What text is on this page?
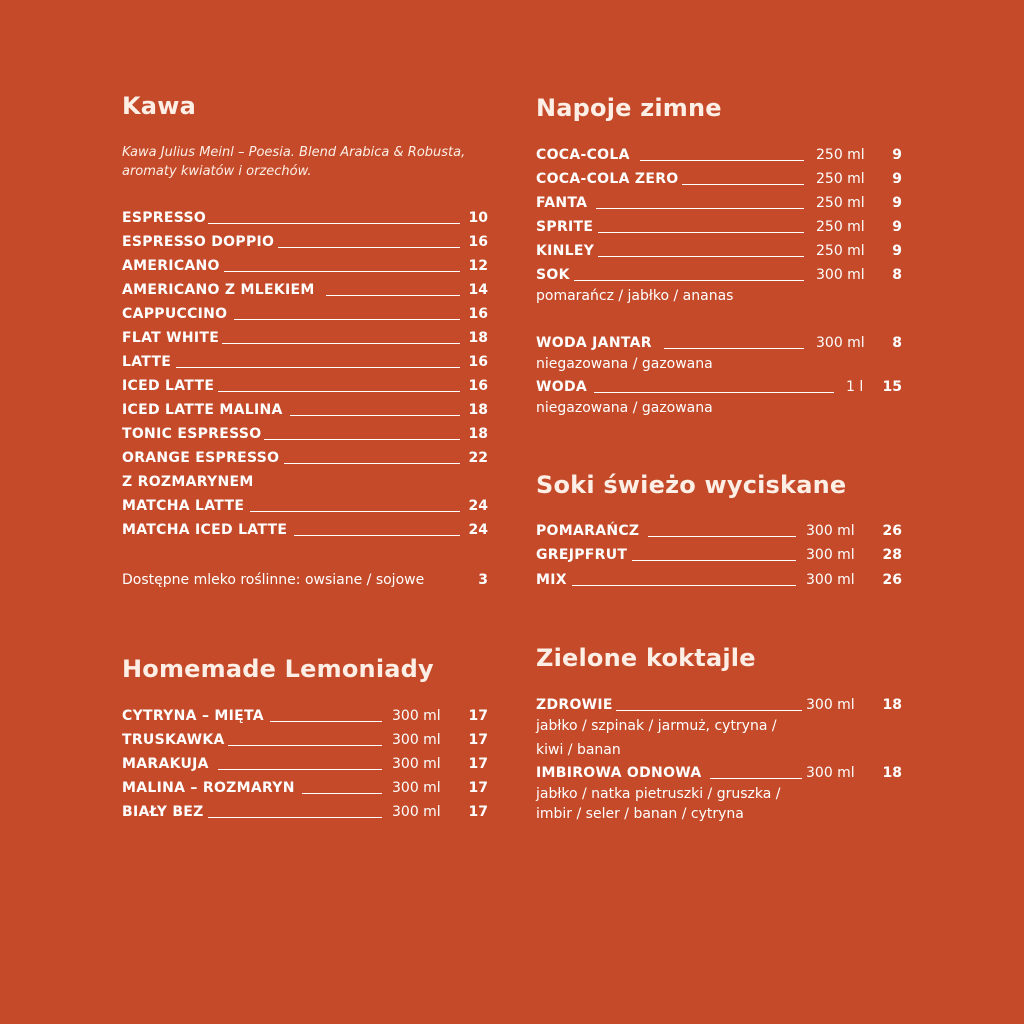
Kawa
Kawa Julius Meinl – Poesia. Blend Arabica & Robusta,
aromaty kwiatów i orzechów.
ESPRESSO	10
ESPRESSO DOPPIO	16
AMERICANO	12
AMERICANO Z MLEKIEM	14
CAPPUCCINO	16
FLAT WHITE	18
LATTE	16
ICED LATTE	16
ICED LATTE MALINA	18
TONIC ESPRESSO	18
ORANGE ESPRESSO	22
Z ROZMARYNEM
MATCHA LATTE	24
MATCHA ICED LATTE	24
Dostępne mleko roślinne: owsiane / sojowe	3
Homemade Lemoniady
CYTRYNA – MIĘTA	300 ml 17
TRUSKAWKA	300 ml 17
MARAKUJA	300 ml 17
MALINA – ROZMARYN	300 ml 17
BIAŁY BEZ	300 ml 17
Napoje zimne
COCA-COLA	250 ml 9
COCA-COLA ZERO	250 ml 9
FANTA	250 ml 9
SPRITE	250 ml 9
KINLEY	250 ml 9
SOK	300 ml 8
pomarańcz / jabłko / ananas
WODA JANTAR	300 ml 8
niegazowana / gazowana
WODA	1 l 15
niegazowana / gazowana
Soki świeżo wyciskane
POMARAŃCZ	300 ml 26
GREJPFRUT	300 ml 28
MIX	300 ml 26
Zielone koktajle
ZDROWIE	300 ml 18
jabłko / szpinak / jarmuż, cytryna /
kiwi / banan
IMBIROWA ODNOWA	300 ml 18
jabłko / natka pietruszki / gruszka /
imbir / seler / banan / cytryna
